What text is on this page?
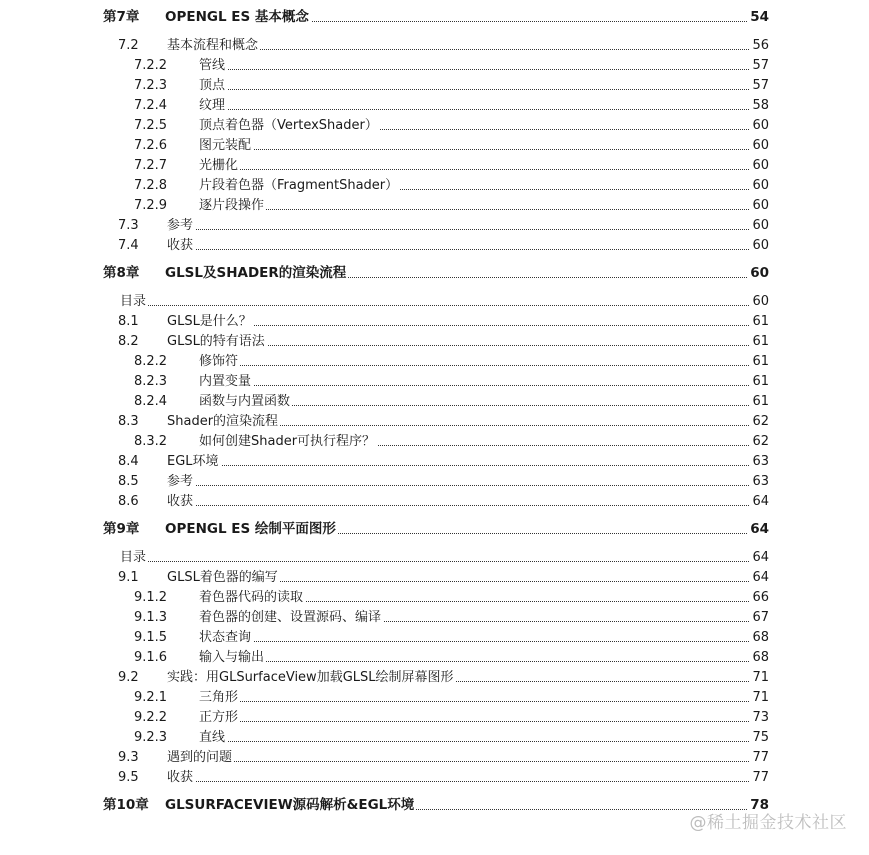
第7章 OPENGL ES 基本概念	54
7.2 基本流程和概念	56
7.2.2 管线	57
7.2.3 顶点	57
7.2.4 纹理	58
7.2.5 顶点着色器（VertexShader）	60
7.2.6 图元装配	60
7.2.7 光栅化	60
7.2.8 片段着色器（FragmentShader）	60
7.2.9 逐片段操作	60
7.3 参考	60
7.4 收获	60
第8章 GLSL及SHADER的渲染流程	60
目录	60
8.1 GLSL是什么？	61
8.2 GLSL的特有语法	61
8.2.2 修饰符	61
8.2.3 内置变量	61
8.2.4 函数与内置函数	61
8.3 Shader的渲染流程	62
8.3.2 如何创建Shader可执行程序？	62
8.4 EGL环境	63
8.5 参考	63
8.6 收获	64
第9章 OPENGL ES 绘制平面图形	64
目录	64
9.1 GLSL着色器的编写	64
9.1.2 着色器代码的读取	66
9.1.3 着色器的创建、设置源码、编译	67
9.1.5 状态查询	68
9.1.6 输入与输出	68
9.2 实践：用GLSurfaceView加载GLSL绘制屏幕图形	71
9.2.1 三角形	71
9.2.2 正方形	73
9.2.3 直线	75
9.3 遇到的问题	77
9.5 收获	77
第10章 GLSURFACEVIEW源码解析&EGL环境	78
@稀土掘金技术社区
